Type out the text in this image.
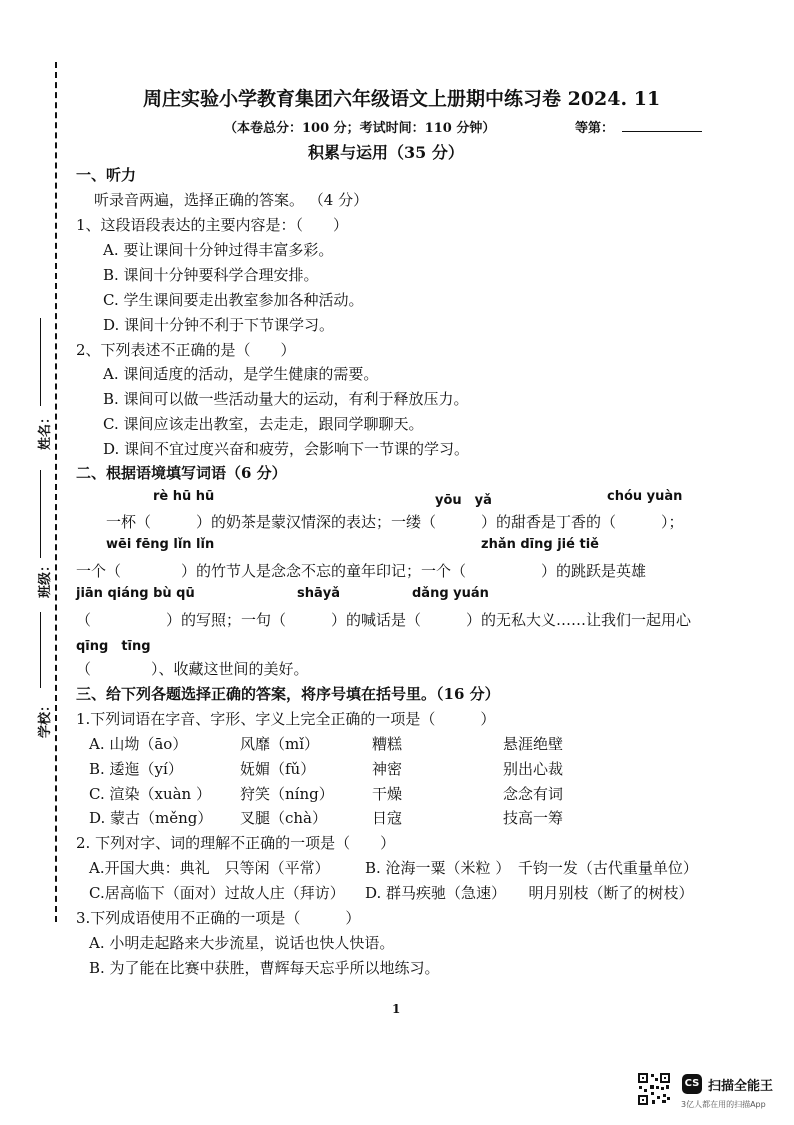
姓名：
班级：
学校：
周庄实验小学教育集团六年级语文上册期中练习卷 2024. 11
（本卷总分：100 分；考试时间：110 分钟）	等第：
积累与运用（35 分）
一、听力
听录音两遍，选择正确的答案。 （4 分）
1、这段语段表达的主要内容是：（　　）
A. 要让课间十分钟过得丰富多彩。
B. 课间十分钟要科学合理安排。
C. 学生课间要走出教室参加各种活动。
D. 课间十分钟不利于下节课学习。
2、下列表述不正确的是（　　）
A. 课间适度的活动，是学生健康的需要。
B. 课间可以做一些活动量大的运动，有利于释放压力。
C. 课间应该走出教室，去走走，跟同学聊聊天。
D. 课间不宜过度兴奋和疲劳，会影响下一节课的学习。
二、根据语境填写词语（6 分）
rè hū hū	yōu　yǎ	chóu yuàn
一杯（　　　）的奶茶是蒙汉情深的表达；一缕（　　　）的甜香是丁香的（　　　）；
wēi fēng lǐn lǐn	zhǎn dīng jié tiě
一个（　　　　）的竹节人是念念不忘的童年印记；一个（　　　　　）的跳跃是英雄
jiān qiáng bù qū	shāyǎ	dǎng yuán
（　　　　　）的写照；一句（　　　）的喊话是（　　　）的无私大义……让我们一起用心
qīng　tīng
（　　　　）、收藏这世间的美好。
三、给下列各题选择正确的答案，将序号填在括号里。（16 分）
1.下列词语在字音、字形、字义上完全正确的一项是（　　　）
A. 山坳（āo）	风靡（mǐ）	糟糕	悬涯绝壁
B. 逶迤（yí）	妩媚（fǔ）	神密	别出心裁
C. 渲染（xuàn ） 狩笑（níng）	干燥	念念有词
D. 蒙古（měng） 叉腿（chà）	日寇	技高一筹
2. 下列对字、词的理解不正确的一项是（　　）
A.开国大典：典礼　只等闲（平常） B. 沧海一粟（米粒 ）　千钧一发（古代重量单位）
C.居高临下（面对）过故人庄（拜访） D. 群马疾驰（急速）　　明月别枝（断了的树枝）
3.下列成语使用不正确的一项是（　　　）
A. 小明走起路来大步流星，说话也快人快语。
B. 为了能在比赛中获胜，曹辉每天忘乎所以地练习。
1
CS 扫描全能王
3亿人都在用的扫描App
